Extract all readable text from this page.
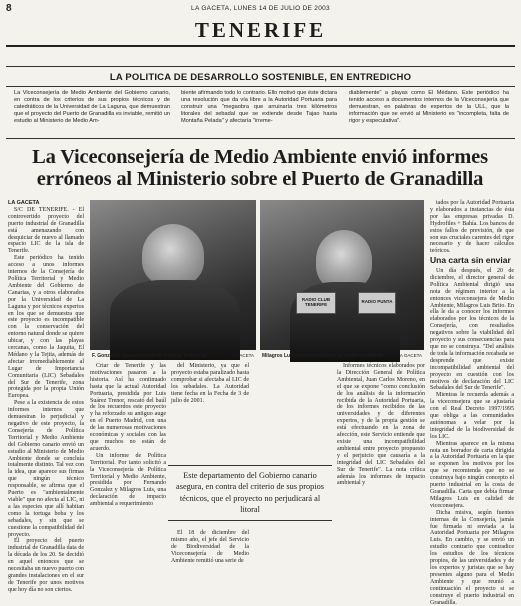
8	LA GACETA, LUNES 14 DE JULIO DE 2003
TENERIFE
LA POLITICA DE DESARROLLO SOSTENIBLE, EN ENTREDICHO
La Viceconsejería de Medio Ambiente del Gobierno canario, en contra de los criterios de sus propios técnicos y de catedráticos de la Universidad de La Laguna, que demuestran que el proyecto del Puerto de Granadilla es inviable, remitió un estudio al Ministerio de Medio Am-
biente afirmando todo lo contrario. Ello motivó que éste dictara una resolución que da vía libre a la Autoridad Portuaria para construir una "megaobra que arruinaría tres kilómetros litorales del sebadal que se extiende desde Tajao hasta Montaña Pelada" y afectaría "irreme-
diablemente" a playas como El Médano. Este periódico ha tenido acceso a documentos internos de la Viceconsejería que demuestran, en palabras de expertos de la ULL, que la información que se envió al Ministerio es "incompleta, falta de rigor y especulativa".
La Viceconsejería de Medio Ambiente envió informes erróneos al Ministerio sobre el Puerto de Granadilla
LA GACETA

S/C DE TENERIFE. - El controvertido proyecto del puerto industrial de Granadilla está amenazando con desquiciar de nuevo al llamado espacio LIC de la isla de Tenerife.

Este periódico ha tenido acceso a unos informes internos de la Consejería de Política Territorial y Medio Ambiente del Gobierno de Canarias, y a otros elaborados por la Universidad de La Laguna y por técnicos expertos en los que se demuestra que este proyecto es incompatible con la conservación del entorno natural donde se quiere ubicar, y con las playas cercanas, como la Jaquita, El Médano y la Tejita, además de afectar irremediablemente al Lugar de Importancia Comunitaria (LIC) Sebadales del Sur de Tenerife, zona protegida por la propia Unión Europea.

Pese a la existencia de estos informes internos que demuestran lo perjudicial y negativo de este proyecto, la Consejería de Política Territorial y Medio Ambiente del Gobierno canario envió un estudio al Ministerio de Medio Ambiente donde se concluía totalmente distinto. Tal vez con la idea, que aparece sus firmas que ningún técnico responsable, se afirma que el Puerto es "ambientalmente viable" que no afecta al LIC, ni a las especies que allí habitan como la tortuga boba y los sebadales, y sin que se cuestione la compatibilidad del proyecto.

El proyecto del puerto industrial de Granadilla data de la década de los 20. Se decidió en aquel entonces que se necesitaba un nuevo puerto con grandes instalaciones en el sur de Tenerife por unos motivos que hoy día no son ciertos.

F. González, viceconsejero de Política Territorial.	LA GACETA
RADIO CLUB TENERIFE
RADIO PUNTA
Milagros Luis, exviceconsejera de Medio Ambiente.	LA GACETA

Criar de Tenerife y las motivaciones pasaron a la historia. Así ha continuado hasta que la actual Autoridad Portuaria, presidida por Luis Suárez Trenor, rescató del baúl de los recuerdos este proyecto y ha reforzado su antiguo auge en el Puerto Madrid, con una de las numerosas motivaciones económicas y sociales con las que muchos no están de acuerdo.

Un informe de Política Territorial. Por tanto solicitó a la Viceconsejería de Política Territorial y Medio Ambiente, presidida por Fernando Gonzalez y Milagros Luis, una declaración de impacto ambiental a requerimiento

del Ministerio, ya que el proyecto estaba paralizado hasta comprobar si afectaba al LIC de los sebadales. La Autoridad tiene fecha en la Fecha de 3 de julio de 2001.

Este departamento del Gobierno canario asegura, en contra del criterio de sus propios técnicos, que el proyecto no perjudicará al litoral

El 18 de diciembre del mismo año, el jefe del Servicio de Biodiversidad de la Viceconsejería de Medio Ambiente remitió una serie de

Informes técnicos elaborados por la Dirección General de Política Ambiental, Juan Carlos Moreno, en el que se expone "como conclusión de los análisis de la información recibida de la Autoridad Portuaria, de los informes recibidos de las universidades y de diferentes expertos, y de la propia gestión se está efectuando en la zona de afección, este Servicio entiende que existe una incompatibilidad ambiental entre proyecto propuesto y el perjuicio que causaría a la integridad del LIC Sebadales del Sur de Tenerife". La nota crítica además los informes de impacto ambiental y

tados por la Autoridad Portuaria y elaborados a instancias de ésta por las empresas privadas D. Hydrofiles + Bahía. Los bancos de estos fallos de previsión, de que son sus cruciales carentes del rigor necesario y de hacer cálculos teóricos.

Una carta sin enviar

Un día después, el 20 de diciembre, el director general de Política Ambiental dirigió una nota de régimen interior a la entonces viceconsejera de Medio Ambiente, Milagros Luis Brito. En ella le da a conocer los informes elaborados por los técnicos de la Consejería, con resultados negativos sobre la viabilidad del proyecto y sus consecuencias para que no se construya. "Del análisis de toda la información recabada se desprende que existe incompatibilidad ambiental del proyecto en cuestión con los motivos de declaración del LIC Sebadales del Sur de Tenerife".

Mientras le recuerda además a la viceconsejera que se ajustaría con el Real Decreto 1997/1995 que obliga a las comunidades autónomas a velar por la integridad de la biodiversidad de los LIC.

Mientras aparece en la misma nota un borrador de carta dirigida a la Autoridad Portuaria en la que se exponen los motivos por los que se recomienda que no se construya bajo ningún concepto el puerto industrial en la costa de Granadilla. Carta que debía firmar Milagros Luis en calidad de viceconsejera.

Dicha misiva, según fuentes internas de la Consejería, jamás fue firmada ni enviada a la Autoridad Portuaria por Milagros Luis. En cambio, y se envió un estudio contrario que contradice los estudios de los técnicos propios, de las universidades y de los expertos y juristas que se hay presentes alguno para el Medio Ambiente y que reunió a continuación el proyecto si se construye el puerto industrial en Granadilla.
